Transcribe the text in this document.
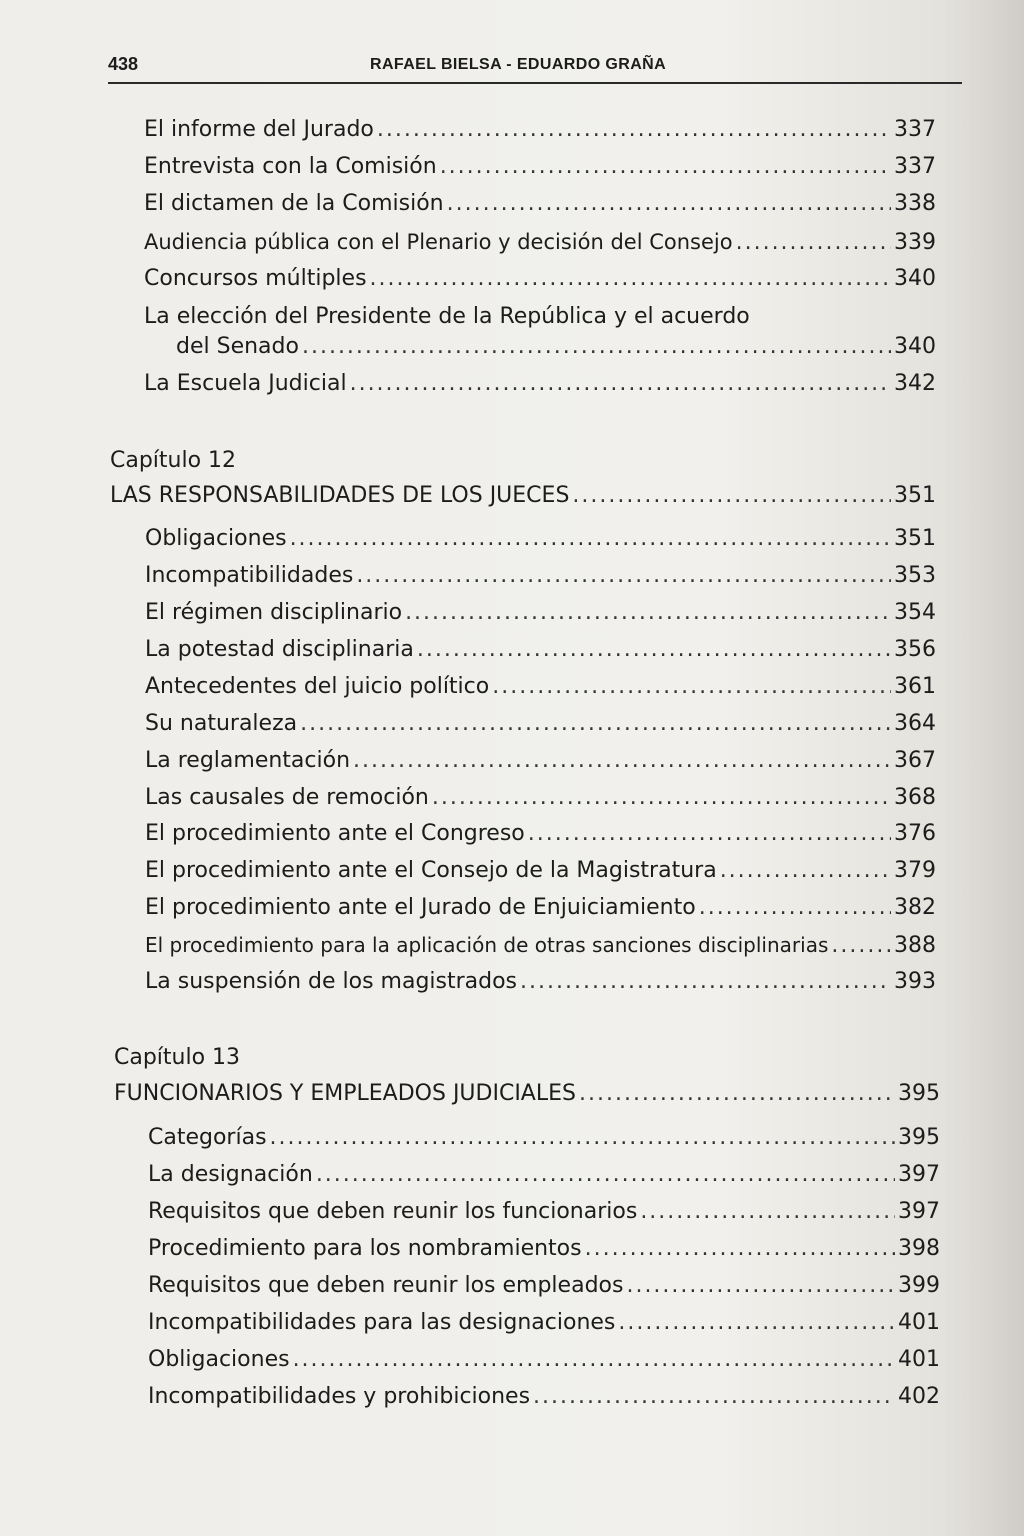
438	RAFAEL BIELSA - EDUARDO GRAÑA
El informe del Jurado .....	337
Entrevista con la Comisión .....	337
El dictamen de la Comisión .....	338
Audiencia pública con el Plenario y decisión del Consejo .....	339
Concursos múltiples .....	340
La elección del Presidente de la República y el acuerdo
del Senado .....	340
La Escuela Judicial .....	342
Capítulo 12
LAS RESPONSABILIDADES DE LOS JUECES .....	351
Obligaciones .....	351
Incompatibilidades .....	353
El régimen disciplinario .....	354
La potestad disciplinaria .....	356
Antecedentes del juicio político .....	361
Su naturaleza .....	364
La reglamentación .....	367
Las causales de remoción .....	368
El procedimiento ante el Congreso .....	376
El procedimiento ante el Consejo de la Magistratura .....	379
El procedimiento ante el Jurado de Enjuiciamiento .....	382
El procedimiento para la aplicación de otras sanciones disciplinarias .....	388
La suspensión de los magistrados .....	393
Capítulo 13
FUNCIONARIOS Y EMPLEADOS JUDICIALES .....	395
Categorías .....	395
La designación .....	397
Requisitos que deben reunir los funcionarios .....	397
Procedimiento para los nombramientos .....	398
Requisitos que deben reunir los empleados .....	399
Incompatibilidades para las designaciones .....	401
Obligaciones .....	401
Incompatibilidades y prohibiciones .....	402
